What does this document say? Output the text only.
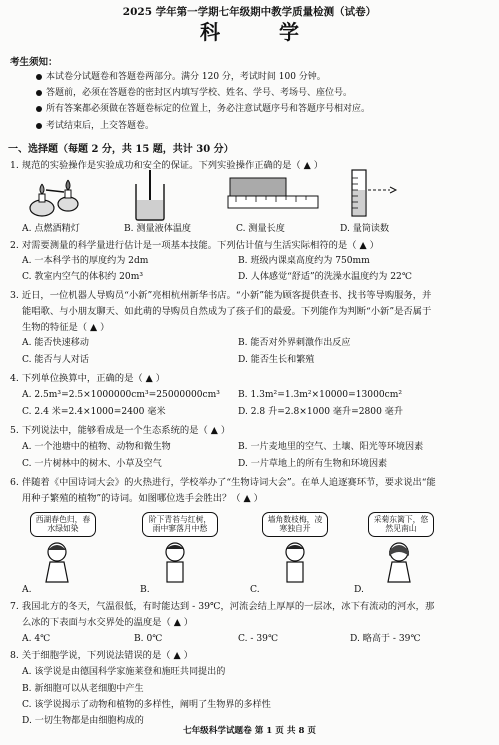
2025 学年第一学期七年级期中教学质量检测（试卷）
科 学
考生须知：
本试卷分试题卷和答题卷两部分。满分 120 分，考试时间 100 分钟。
答题前，必须在答题卷的密封区内填写学校、姓名、学号、考场号、座位号。
所有答案都必须做在答题卷标定的位置上，务必注意试题序号和答题序号相对应。
考试结束后，上交答题卷。
一、选择题（每题 2 分，共 15 题，共计 30 分）
1. 规范的实验操作是实验成功和安全的保证。下列实验操作正确的是（ ▲ ）
A. 点燃酒精灯	B. 测量液体温度	C. 测量长度	D. 量筒读数
2. 对需要测量的科学量进行估计是一项基本技能。下列估计值与生活实际相符的是（ ▲ ）
A. 一本科学书的厚度约为 2dm	B. 班级内课桌高度约为 750mm
C. 教室内空气的体积约 20m³	D. 人体感觉“舒适”的洗澡水温度约为 22℃
3. 近日，一位机器人导购员“小新”亮相杭州新华书店。“小新”能为顾客提供查书、找书等导购服务，并
能唱歌、与小朋友聊天、如此萌的导购员自然成为了孩子们的最爱。下列能作为判断“小新”是否属于
生物的特征是（ ▲ ）
A. 能否快速移动	B. 能否对外界刺激作出反应
C. 能否与人对话	D. 能否生长和繁殖
4. 下列单位换算中，正确的是（ ▲ ）
A. 2.5m³=2.5×1000000cm³=25000000cm³ B. 1.3m²=1.3m²×10000=13000cm²
C. 2.4 米=2.4×1000=2400 毫米	D. 2.8 升=2.8×1000 毫升=2800 毫升
5. 下列说法中，能够看成是一个生态系统的是（ ▲ ）
A. 一个池塘中的植物、动物和微生物	B. 一片麦地里的空气、土壤、阳光等环境因素
C. 一片树林中的树木、小草及空气	D. 一片草地上的所有生物和环境因素
6. 伴随着《中国诗词大会》的火热进行，学校举办了“生物诗词大会”。在单人追逐赛环节，要求说出“能
用种子繁殖的植物”的诗词。如图哪位选手会胜出？（ ▲ ）
西湖春色归，春水绿如染
阶下青苔与红树，雨中寥落月中愁
墙角数枝梅，凌寒独自开
采菊东篱下，悠然见南山
A.	B.	C.	D.
7. 我国北方的冬天，气温很低，有时能达到 - 39℃，河流会结上厚厚的一层冰，冰下有流动的河水，那
么冰的下表面与水交界处的温度是（ ▲ ）
A. 4℃	B. 0℃	C. - 39℃	D. 略高于 - 39℃
8. 关于细胞学说，下列说法错误的是（ ▲ ）
A. 该学说是由德国科学家施莱登和施旺共同提出的
B. 新细胞可以从老细胞中产生
C. 该学说揭示了动物和植物的多样性，阐明了生物界的多样性
D. 一切生物都是由细胞构成的
七年级科学试题卷 第 1 页 共 8 页
